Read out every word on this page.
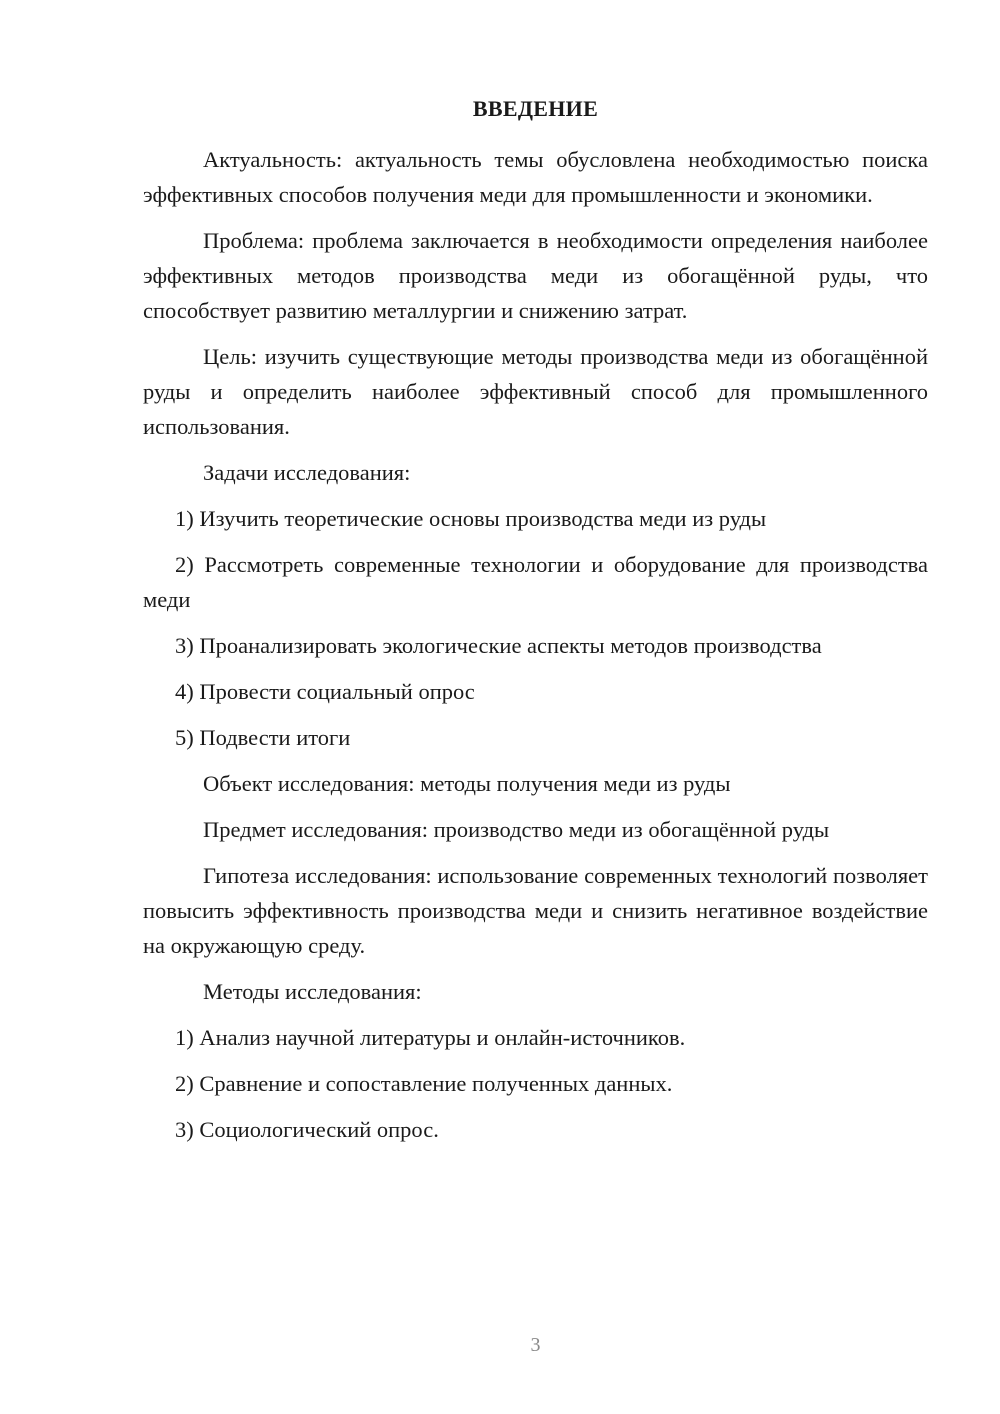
ВВЕДЕНИЕ

Актуальность: актуальность темы обусловлена необходимостью поиска эффективных способов получения меди для промышленности и экономики.

Проблема: проблема заключается в необходимости определения наиболее эффективных методов производства меди из обогащённой руды, что способствует развитию металлургии и снижению затрат.

Цель: изучить существующие методы производства меди из обогащённой руды и определить наиболее эффективный способ для промышленного использования.

Задачи исследования:

1) Изучить теоретические основы производства меди из руды

2) Рассмотреть современные технологии и оборудование для производства меди

3) Проанализировать экологические аспекты методов производства

4) Провести социальный опрос

5) Подвести итоги

Объект исследования: методы получения меди из руды

Предмет исследования: производство меди из обогащённой руды

Гипотеза исследования: использование современных технологий позволяет повысить эффективность производства меди и снизить негативное воздействие на окружающую среду.

Методы исследования:

1) Анализ научной литературы и онлайн-источников.

2) Сравнение и сопоставление полученных данных.

3) Социологический опрос.

3
